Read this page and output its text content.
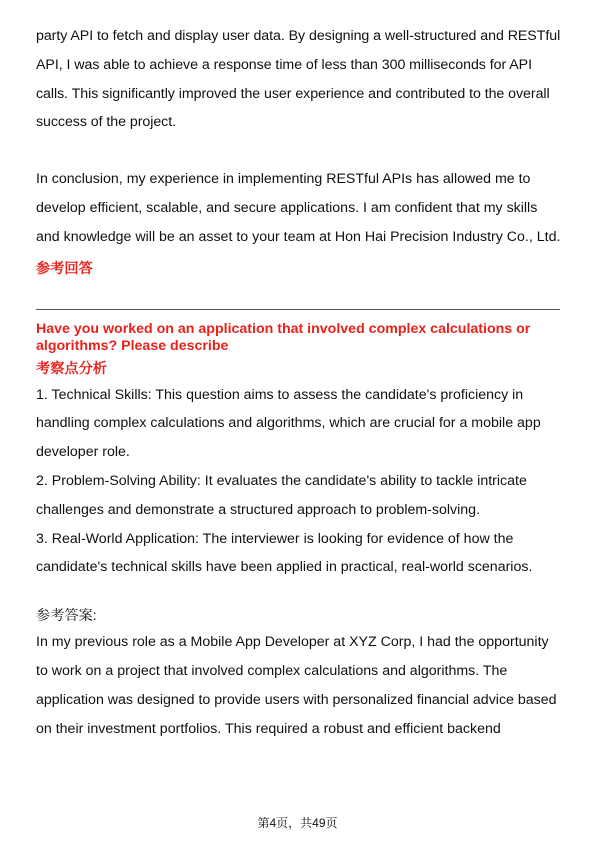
party API to fetch and display user data. By designing a well-structured and RESTful API, I was able to achieve a response time of less than 300 milliseconds for API calls. This significantly improved the user experience and contributed to the overall success of the project.

In conclusion, my experience in implementing RESTful APIs has allowed me to develop efficient, scalable, and secure applications. I am confident that my skills and knowledge will be an asset to your team at Hon Hai Precision Industry Co., Ltd.

参考回答

Have you worked on an application that involved complex calculations or algorithms? Please describe

考察点分析

1. Technical Skills: This question aims to assess the candidate's proficiency in handling complex calculations and algorithms, which are crucial for a mobile app developer role.

2. Problem-Solving Ability: It evaluates the candidate's ability to tackle intricate challenges and demonstrate a structured approach to problem-solving.

3. Real-World Application: The interviewer is looking for evidence of how the candidate's technical skills have been applied in practical, real-world scenarios.

参考答案:

In my previous role as a Mobile App Developer at XYZ Corp, I had the opportunity to work on a project that involved complex calculations and algorithms. The application was designed to provide users with personalized financial advice based on their investment portfolios. This required a robust and efficient backend

第4页，共49页
